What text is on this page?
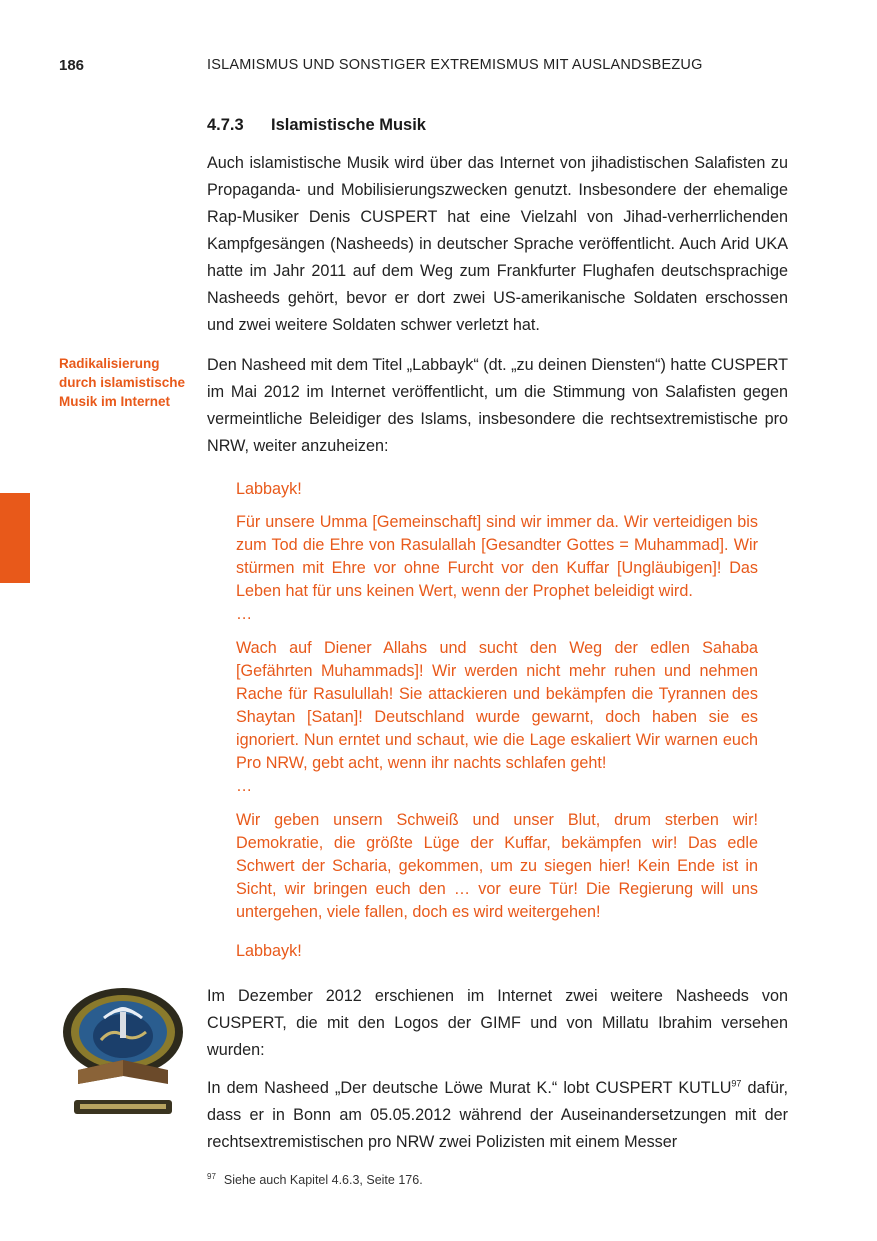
186	ISLAMISMUS UND SONSTIGER EXTREMISMUS MIT AUSLANDSBEZUG
4.7.3 Islamistische Musik

Auch islamistische Musik wird über das Internet von jihadistischen Salafisten zu Propaganda- und Mobilisierungszwecken genutzt. Insbesondere der ehemalige Rap-Musiker Denis CUSPERT hat eine Vielzahl von Jihad-verherrlichenden Kampfgesängen (Nasheeds) in deutscher Sprache veröffentlicht. Auch Arid UKA hatte im Jahr 2011 auf dem Weg zum Frankfurter Flughafen deutschsprachige Nasheeds gehört, bevor er dort zwei US-amerikanische Soldaten erschossen und zwei weitere Soldaten schwer verletzt hat.

Radikalisierung durch islamistische Musik im Internet

Den Nasheed mit dem Titel „Labbayk“ (dt. „zu deinen Diensten“) hatte CUSPERT im Mai 2012 im Internet veröffentlicht, um die Stimmung von Salafisten gegen vermeintliche Beleidiger des Islams, insbesondere die rechtsextremistische pro NRW, weiter anzuheizen:

Labbayk!

Für unsere Umma [Gemeinschaft] sind wir immer da. Wir verteidigen bis zum Tod die Ehre von Rasulallah [Gesandter Gottes = Muhammad]. Wir stürmen mit Ehre vor ohne Furcht vor den Kuffar [Ungläubigen]! Das Leben hat für uns keinen Wert, wenn der Prophet beleidigt wird.
…
Wach auf Diener Allahs und sucht den Weg der edlen Sahaba [Gefährten Muhammads]! Wir werden nicht mehr ruhen und nehmen Rache für Rasulullah! Sie attackieren und bekämpfen die Tyrannen des Shaytan [Satan]! Deutschland wurde gewarnt, doch haben sie es ignoriert. Nun erntet und schaut, wie die Lage eskaliert Wir warnen euch Pro NRW, gebt acht, wenn ihr nachts schlafen geht!
…

Wir geben unsern Schweiß und unser Blut, drum sterben wir! Demokratie, die größte Lüge der Kuffar, bekämpfen wir! Das edle Schwert der Scharia, gekommen, um zu siegen hier! Kein Ende ist in Sicht, wir bringen euch den … vor eure Tür! Die Regierung will uns untergehen, viele fallen, doch es wird weitergehen!

Labbayk!

Im Dezember 2012 erschienen im Internet zwei weitere Nasheeds von CUSPERT, die mit den Logos der GIMF und von Millatu Ibrahim versehen wurden:

In dem Nasheed „Der deutsche Löwe Murat K.“ lobt CUSPERT KUTLU$^{97}$ dafür, dass er in Bonn am 05.05.2012 während der Auseinandersetzungen mit der rechtsextremistischen pro NRW zwei Polizisten mit einem Messer

$^{97}$ Siehe auch Kapitel 4.6.3, Seite 176.
